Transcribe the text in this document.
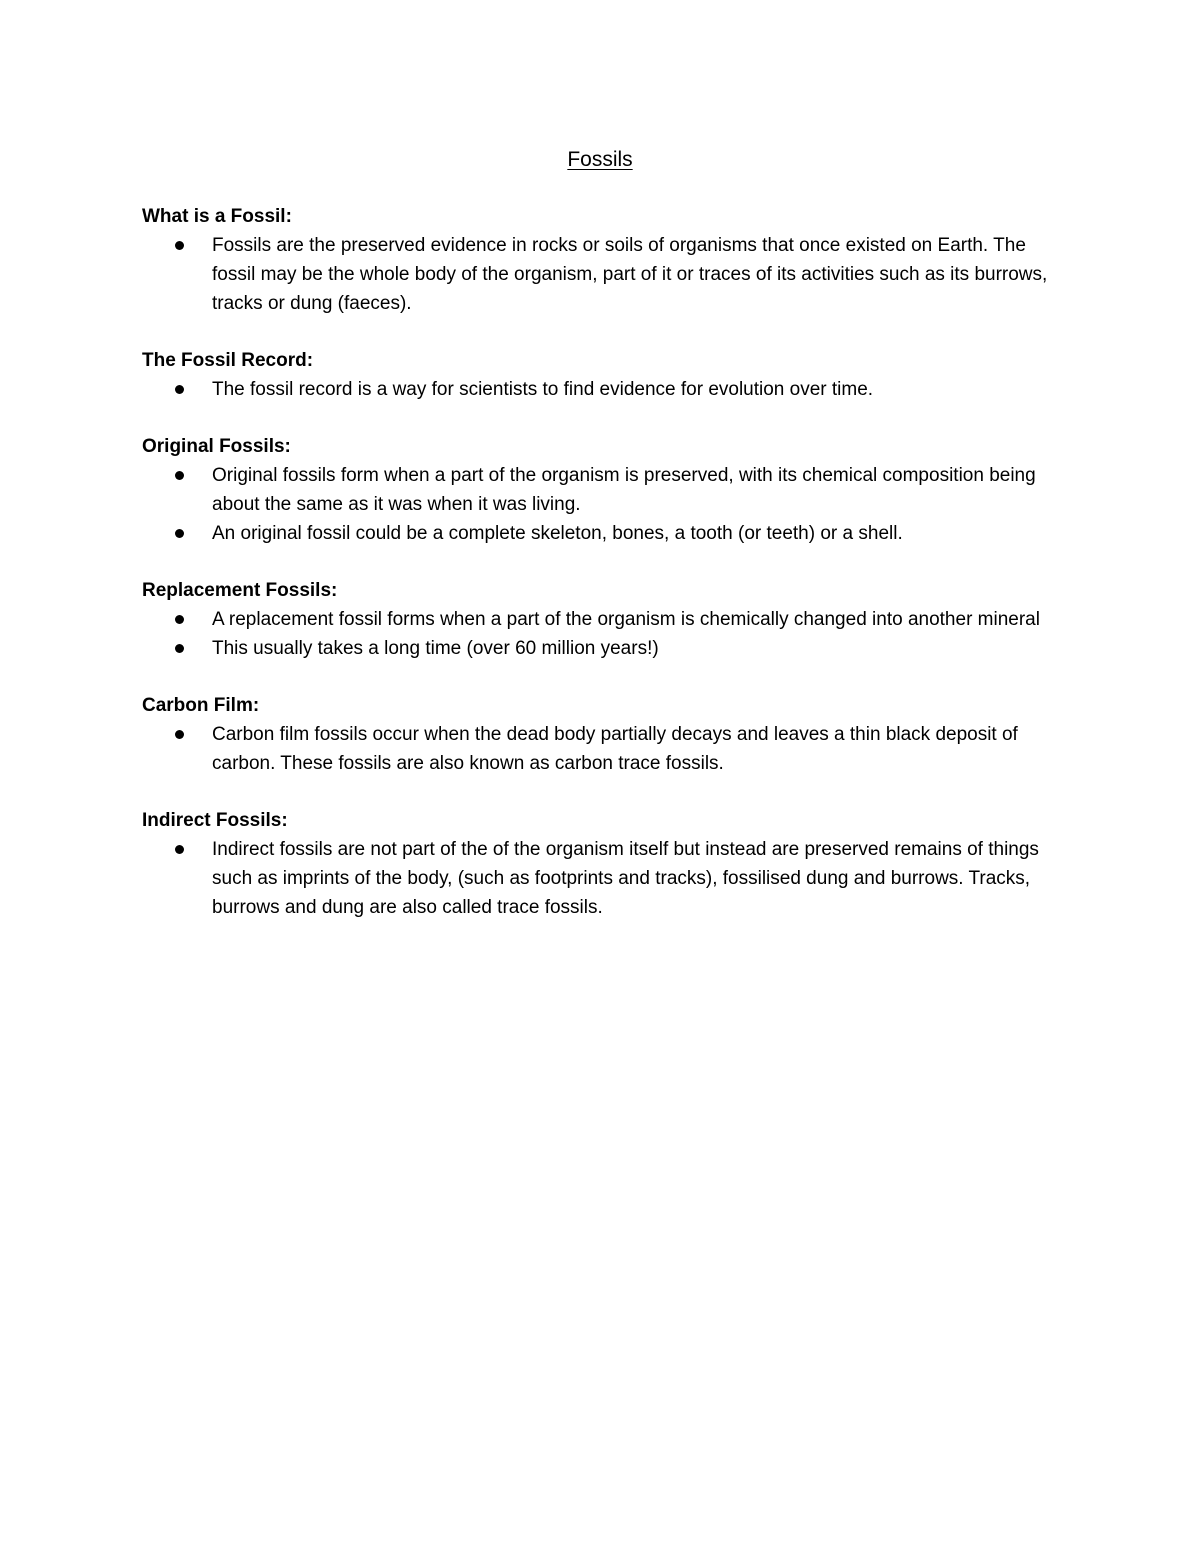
Fossils

What is a Fossil:

Fossils are the preserved evidence in rocks or soils of organisms that once existed on Earth. The fossil may be the whole body of the organism, part of it or traces of its activities such as its burrows, tracks or dung (faeces).

The Fossil Record:

The fossil record is a way for scientists to find evidence for evolution over time.

Original Fossils:

Original fossils form when a part of the organism is preserved, with its chemical composition being about the same as it was when it was living.
An original fossil could be a complete skeleton, bones, a tooth (or teeth) or a shell.

Replacement Fossils:

A replacement fossil forms when a part of the organism is chemically changed into another mineral
This usually takes a long time (over 60 million years!)

Carbon Film:

Carbon film fossils occur when the dead body partially decays and leaves a thin black deposit of carbon. These fossils are also known as carbon trace fossils.

Indirect Fossils:

Indirect fossils are not part of the of the organism itself but instead are preserved remains of things such as imprints of the body, (such as footprints and tracks), fossilised dung and burrows. Tracks, burrows and dung are also called trace fossils.
